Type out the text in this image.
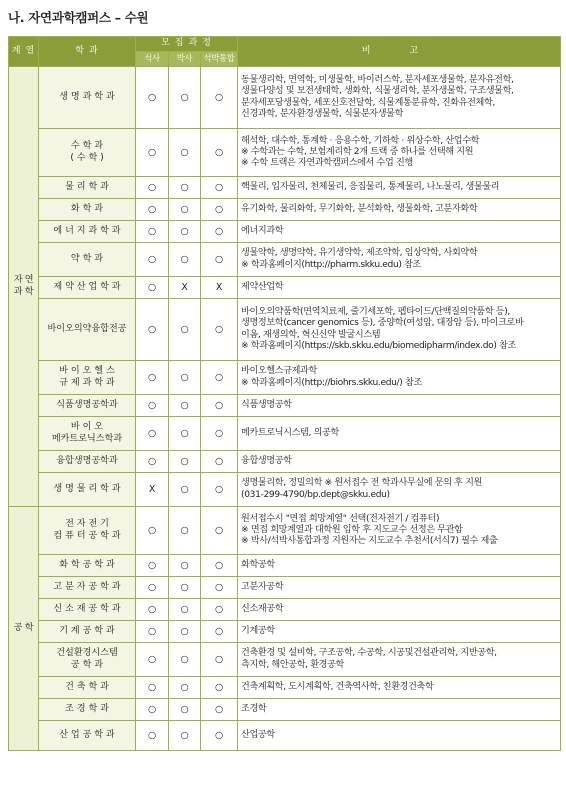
나. 자연과학캠퍼스 – 수원
계 열	학 과	모 집 과 정			비 고
		석사	박사	석박통합	

자 연
과 학	생 명 과 학 과	○	○	○	동물생리학, 면역학, 미생물학, 바이러스학, 분자세포생물학, 분자유전학,
생물다양성 및 보전생태학, 생화학, 식물생리학, 분자생물학, 구조생물학,
분자세포당생물학, 세포신호전달학, 식물계통분류학, 진화유전체학,
신경과학, 분자환경생물학, 식물분자생물학

	수 학 과
( 수 학 )	○	○	○	해석학, 대수학, 통계학 · 응용수학, 기하학 · 위상수학, 산업수학
※ 수학과는 수학, 보험계리학 2개 트랙 중 하나를 선택해 지원
※ 수학 트랙은 자연과학캠퍼스에서 수업 진행

	물 리 학 과	○	○	○	핵물리, 입자물리, 천체물리, 응집물리, 통계물리, 나노물리, 생물물리

	화 학 과	○	○	○	유기화학, 물리화학, 무기화학, 분석화학, 생물화학, 고분자화학

	에 너 지 과 학 과	○	○	○	에너지과학

	약 학 과	○	○	○	생물약학, 생명약학, 유기생약학, 제조약학, 임상약학, 사회약학
※ 학과홈페이지(http://pharm.skku.edu) 참조

	제 약 산 업 학 과	○	X	X	제약산업학

	바이오의약융합전공	○	○	○	바이오의약품학(면역치료제, 줄기세포학, 펩타이드/단백질의약품학 등),
생명정보학(cancer genomics 등), 중양학(여성암, 대장암 등), 마이크로바
이옴, 재생의학, 혁신신약 발굴시스템
※ 학과홈페이지(https://skb.skku.edu/biomedipharm/index.do) 참조

	바 이 오 헬 스
규 제 과 학 과	○	○	○	바이오헬스규제과학
※ 학과홈페이지(http://biohrs.skku.edu/) 참조

	식품생명공학과	○	○	○	식품생명공학

	바 이 오
메카트로닉스학과	○	○	○	메카트로닉시스템, 의공학

	융합생명공학과	○	○	○	융합생명공학

	생 명 물 리 학 과	X	○	○	생명물리학, 정밀의학 ※ 원서접수 전 학과사무실에 문의 후 지원
(031-299-4790/bp.dept@skku.edu)

공 학	전 자 전 기
컴 퓨 터 공 학 과	○	○	○	원서접수시 "면접 희망계열" 선택(전자전기 / 컴퓨터)
※ 면접 희망계열과 대학원 입학 후 지도교수 선정은 무관함
※ 박사/석박사통합과정 지원자는 지도교수 추천서(서식7) 필수 제출

	화 학 공 학 과	○	○	○	화학공학

	고 분 자 공 학 과	○	○	○	고분자공학

	신 소 재 공 학 과	○	○	○	신소재공학

	기 계 공 학 과	○	○	○	기계공학

	건설환경시스템
공 학 과	○	○	○	건축환경 및 설비학, 구조공학, 수공학, 시공및건설관리학, 지반공학,
측지학, 해안공학, 환경공학

	건 축 학 과	○	○	○	건축계획학, 도시계획학, 건축역사학, 친환경건축학

	조 경 학 과	○	○	○	조경학

	산 업 공 학 과	○	○	○	산업공학
